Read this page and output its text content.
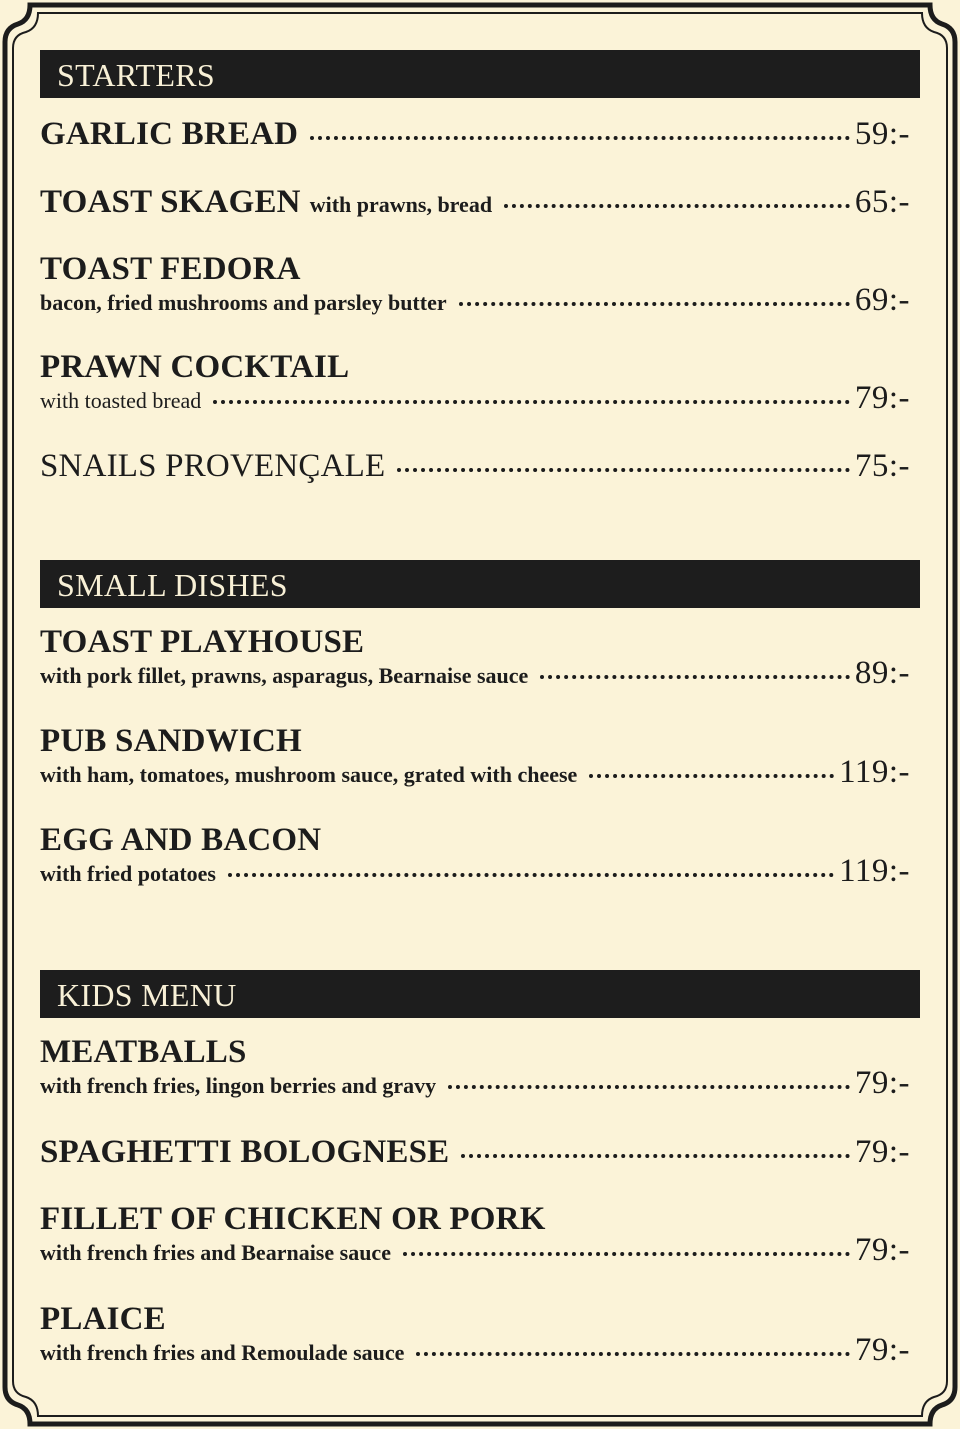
STARTERS
GARLIC BREAD	59:-
TOAST SKAGEN with prawns, bread	65:-
TOAST FEDORA
bacon, fried mushrooms and parsley butter	69:-
PRAWN COCKTAIL
with toasted bread	79:-
SNAILS PROVENÇALE	75:-
SMALL DISHES
TOAST PLAYHOUSE
with pork fillet, prawns, asparagus, Bearnaise sauce	89:-
PUB SANDWICH
with ham, tomatoes, mushroom sauce, grated with cheese	119:-
EGG AND BACON
with fried potatoes	119:-
KIDS MENU
MEATBALLS
with french fries, lingon berries and gravy	79:-
SPAGHETTI BOLOGNESE	79:-
FILLET OF CHICKEN OR PORK
with french fries and Bearnaise sauce	79:-
PLAICE
with french fries and Remoulade sauce	79:-
